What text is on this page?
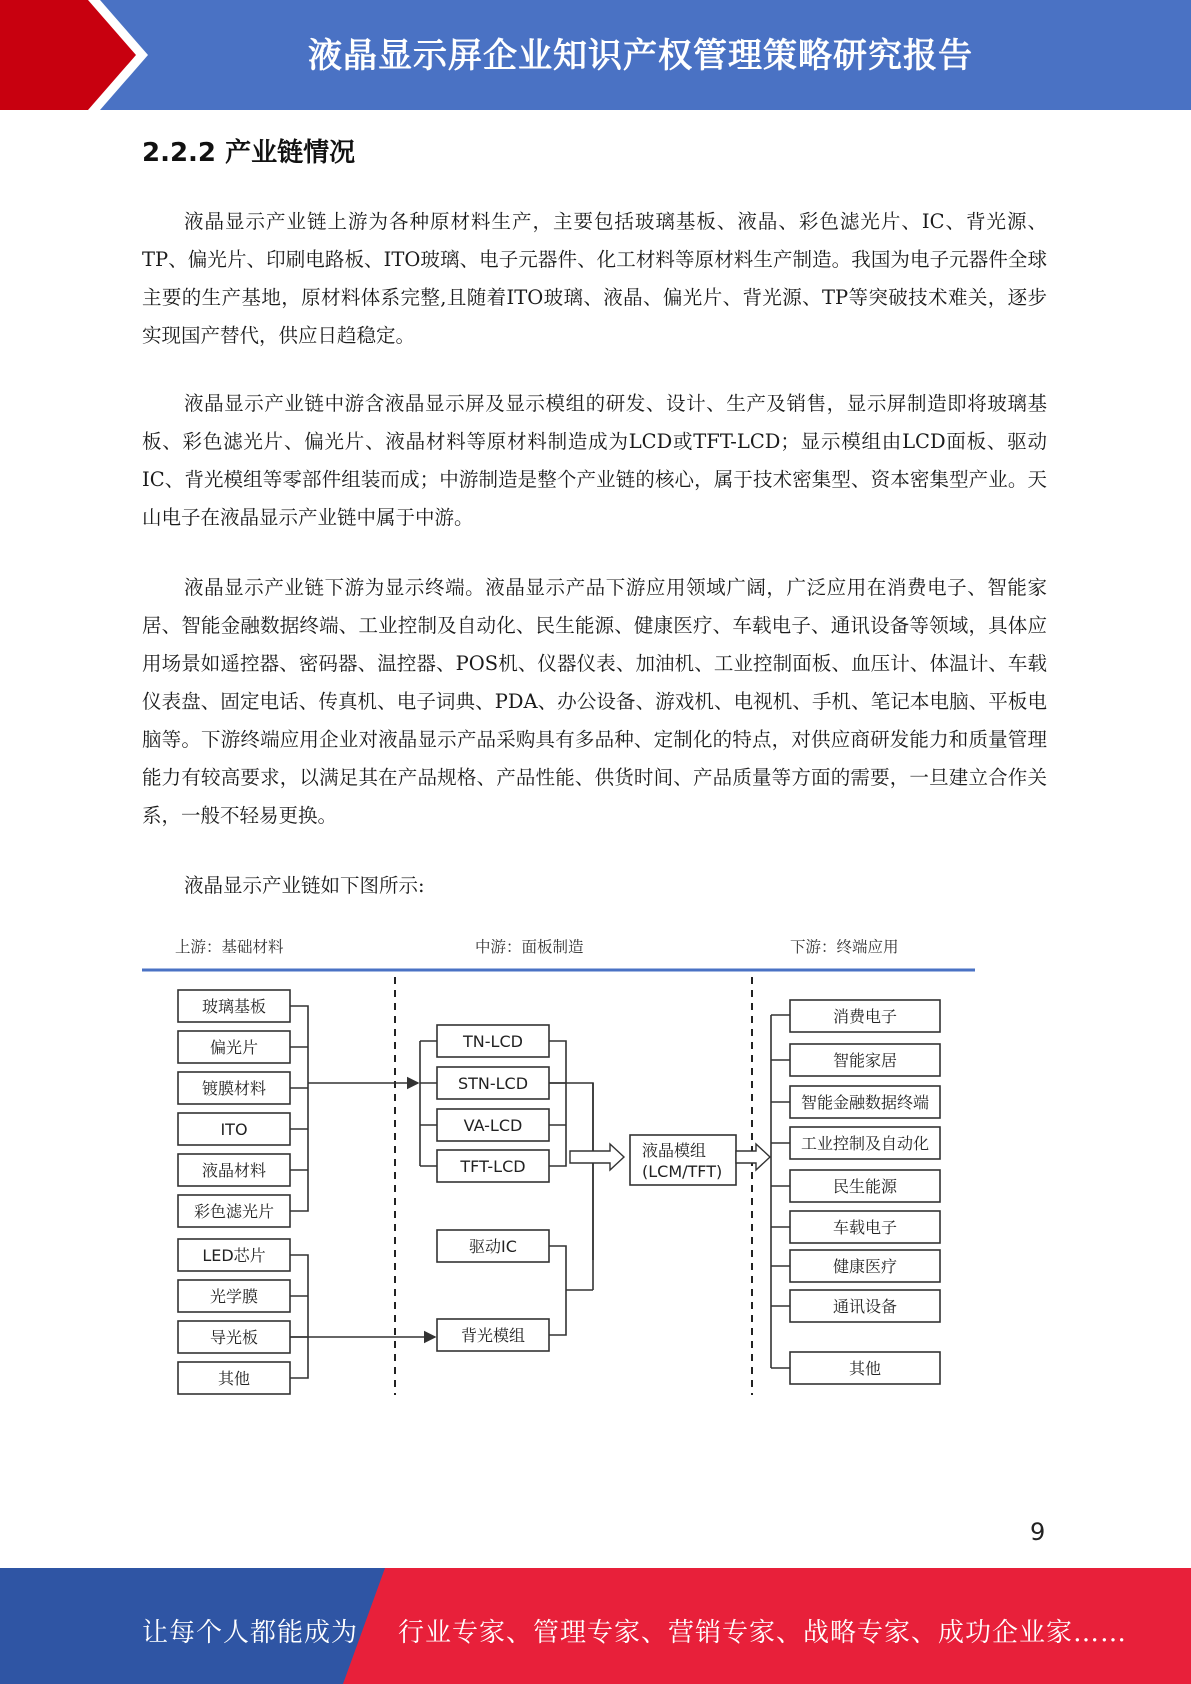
液晶显示屏企业知识产权管理策略研究报告
2.2.2 产业链情况

液晶显示产业链上游为各种原材料生产，主要包括玻璃基板、液晶、彩色滤光片、IC、背光源、TP、偏光片、印刷电路板、ITO玻璃、电子元器件、化工材料等原材料生产制造。我国为电子元器件全球主要的生产基地，原材料体系完整,且随着ITO玻璃、液晶、偏光片、背光源、TP等突破技术难关，逐步实现国产替代，供应日趋稳定。

液晶显示产业链中游含液晶显示屏及显示模组的研发、设计、生产及销售，显示屏制造即将玻璃基板、彩色滤光片、偏光片、液晶材料等原材料制造成为LCD或TFT-LCD；显示模组由LCD面板、驱动IC、背光模组等零部件组装而成；中游制造是整个产业链的核心，属于技术密集型、资本密集型产业。天山电子在液晶显示产业链中属于中游。

液晶显示产业链下游为显示终端。液晶显示产品下游应用领域广阔，广泛应用在消费电子、智能家居、智能金融数据终端、工业控制及自动化、民生能源、健康医疗、车载电子、通讯设备等领域，具体应用场景如遥控器、密码器、温控器、POS机、仪器仪表、加油机、工业控制面板、血压计、体温计、车载仪表盘、固定电话、传真机、电子词典、PDA、办公设备、游戏机、电视机、手机、笔记本电脑、平板电脑等。下游终端应用企业对液晶显示产品采购具有多品种、定制化的特点，对供应商研发能力和质量管理能力有较高要求，以满足其在产品规格、产品性能、供货时间、产品质量等方面的需要，一旦建立合作关系，一般不轻易更换。

液晶显示产业链如下图所示:

上游：基础材料	中游：面板制造	下游：终端应用
玻璃基板
偏光片
镀膜材料
ITO
液晶材料
彩色滤光片
LED芯片
光学膜
导光板
其他
TN-LCD
STN-LCD
VA-LCD
TFT-LCD
驱动IC
背光模组
液晶模组
(LCM/TFT)
消费电子
智能家居
智能金融数据终端
工业控制及自动化
民生能源
车载电子
健康医疗
通讯设备
其他
9
让每个人都能成为 行业专家、管理专家、营销专家、战略专家、成功企业家……
